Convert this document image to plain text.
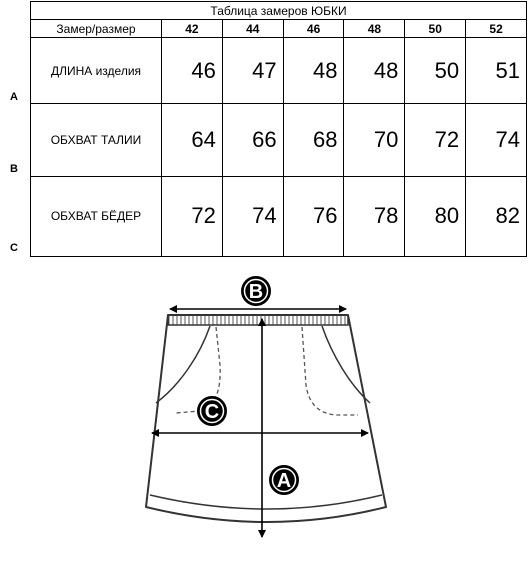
A
B
C
Таблица замеров ЮБКИ						
Замер/размер	42	44	46	48	50	52
ДЛИНА изделия	46	47	48	48	50	51
ОБХВАТ ТАЛИИ	64	66	68	70	72	74
ОБХВАТ БЁДЕР	72	74	76	78	80	82
B
C
A
